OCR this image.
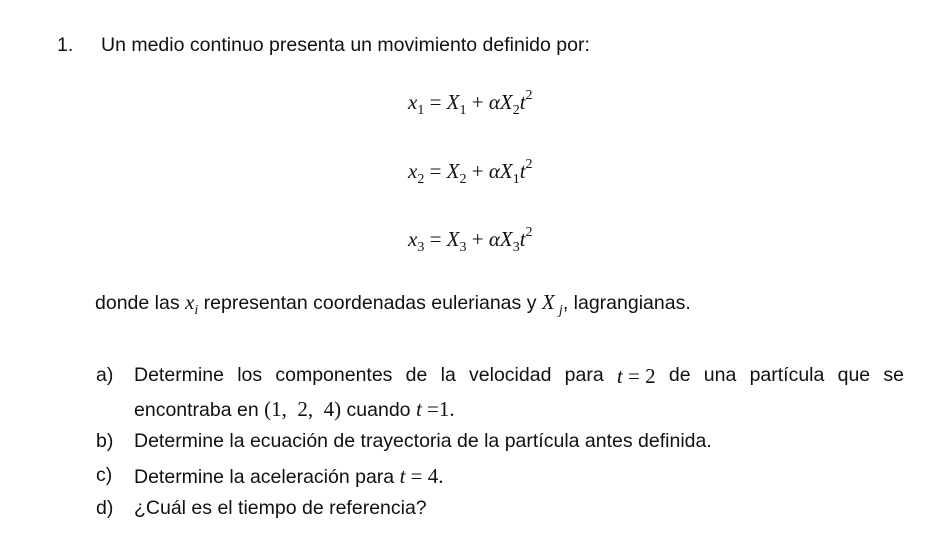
1. Un medio continuo presenta un movimiento definido por:
$x_1 = X_1 + \alpha X_2t^2$
$x_2 = X_2 + \alpha X_1t^2$
$x_3 = X_3 + \alpha X_3t^2$
donde las $x_i$ representan coordenadas eulerianas y X  $_j$, lagrangianas.
a) Determine los componentes de la velocidad para t = 2 de una partícula que se
encontraba en (1,  2,  4) cuando t =1.
b) Determine la ecuación de trayectoria de la partícula antes definida.
c) Determine la aceleración para t = 4.
d) ¿Cuál es el tiempo de referencia?
